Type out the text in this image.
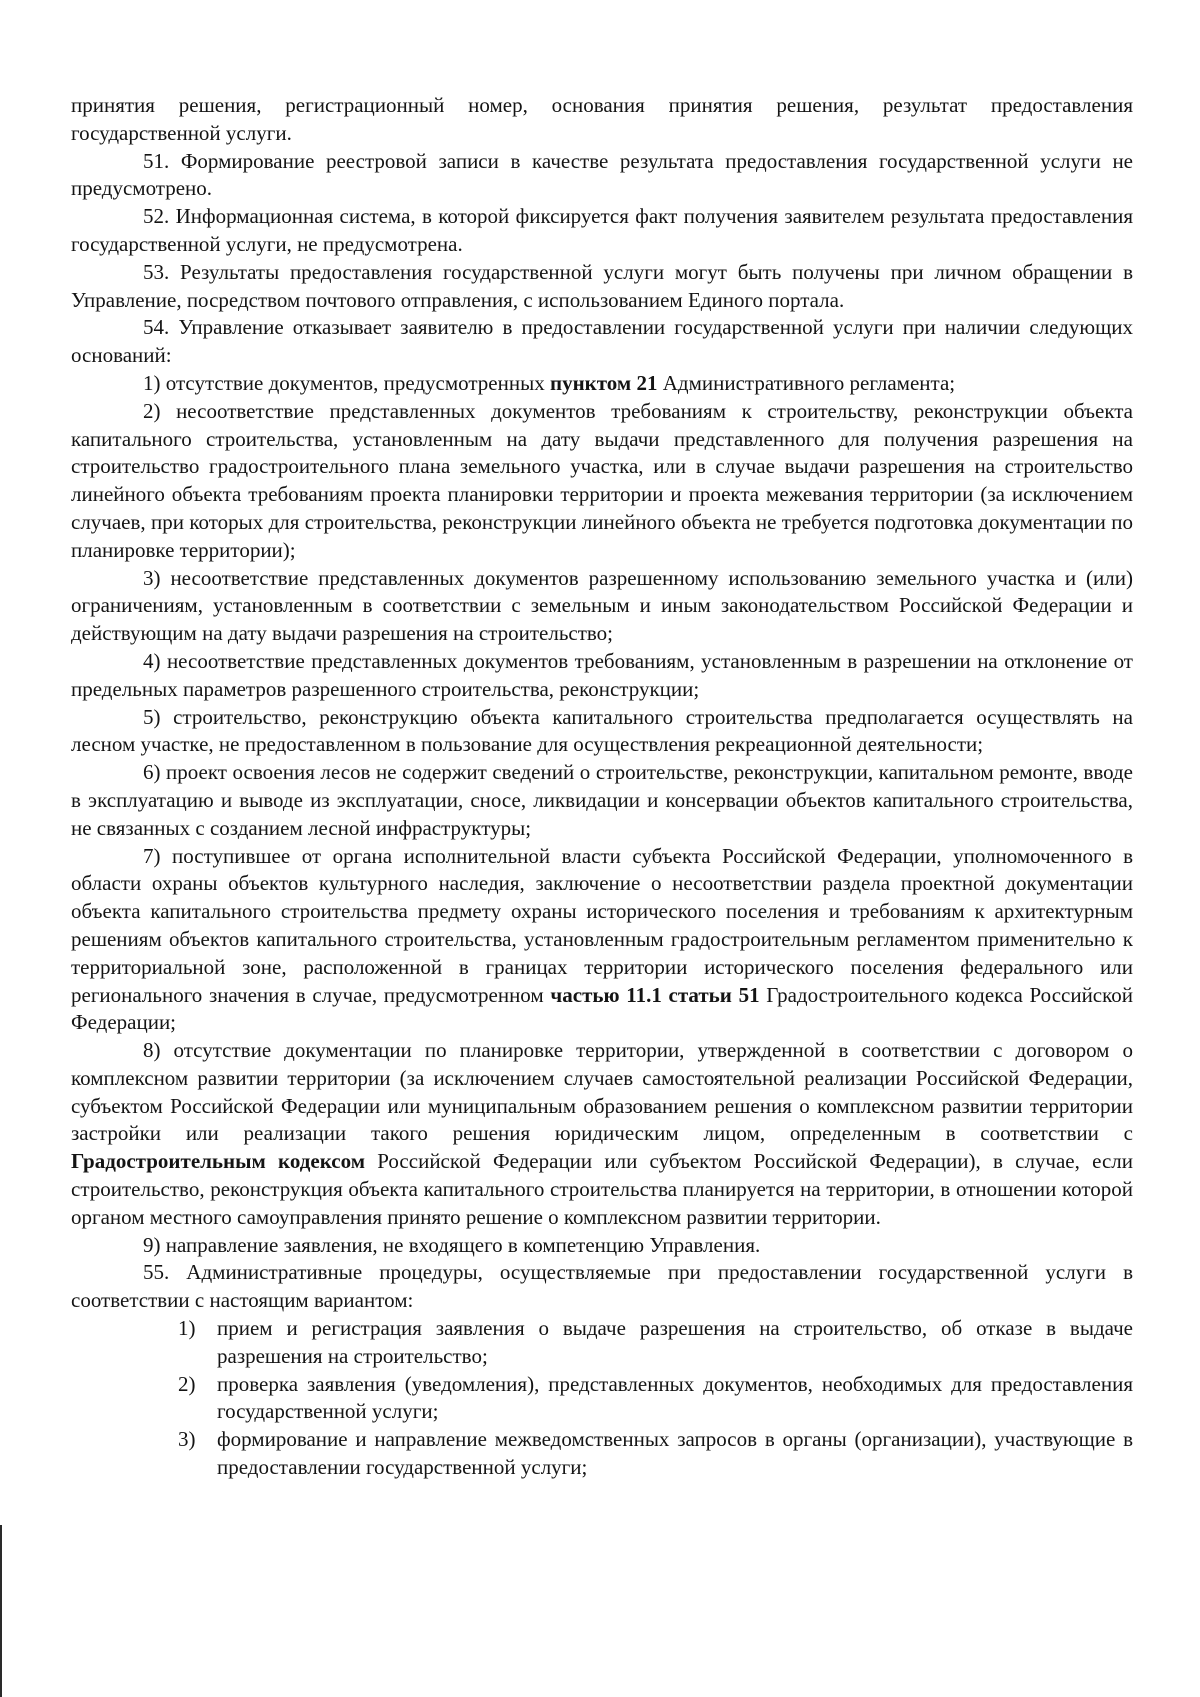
принятия решения, регистрационный номер, основания принятия решения, результат предоставления государственной услуги.

51. Формирование реестровой записи в качестве результата предоставления государственной услуги не предусмотрено.

52. Информационная система, в которой фиксируется факт получения заявителем результата предоставления государственной услуги, не предусмотрена.

53. Результаты предоставления государственной услуги могут быть получены при личном обращении в Управление, посредством почтового отправления, с использованием Единого портала.

54. Управление отказывает заявителю в предоставлении государственной услуги при наличии следующих оснований:

1) отсутствие документов, предусмотренных пунктом 21 Административного регламента;

2) несоответствие представленных документов требованиям к строительству, реконструкции объекта капитального строительства, установленным на дату выдачи представленного для получения разрешения на строительство градостроительного плана земельного участка, или в случае выдачи разрешения на строительство линейного объекта требованиям проекта планировки территории и проекта межевания территории (за исключением случаев, при которых для строительства, реконструкции линейного объекта не требуется подготовка документации по планировке территории);

3) несоответствие представленных документов разрешенному использованию земельного участка и (или) ограничениям, установленным в соответствии с земельным и иным законодательством Российской Федерации и действующим на дату выдачи разрешения на строительство;

4) несоответствие представленных документов требованиям, установленным в разрешении на отклонение от предельных параметров разрешенного строительства, реконструкции;

5) строительство, реконструкцию объекта капитального строительства предполагается осуществлять на лесном участке, не предоставленном в пользование для осуществления рекреационной деятельности;

6) проект освоения лесов не содержит сведений о строительстве, реконструкции, капитальном ремонте, вводе в эксплуатацию и выводе из эксплуатации, сносе, ликвидации и консервации объектов капитального строительства, не связанных с созданием лесной инфраструктуры;

7) поступившее от органа исполнительной власти субъекта Российской Федерации, уполномоченного в области охраны объектов культурного наследия, заключение о несоответствии раздела проектной документации объекта капитального строительства предмету охраны исторического поселения и требованиям к архитектурным решениям объектов капитального строительства, установленным градостроительным регламентом применительно к территориальной зоне, расположенной в границах территории исторического поселения федерального или регионального значения в случае, предусмотренном частью 11.1 статьи 51 Градостроительного кодекса Российской Федерации;

8) отсутствие документации по планировке территории, утвержденной в соответствии с договором о комплексном развитии территории (за исключением случаев самостоятельной реализации Российской Федерации, субъектом Российской Федерации или муниципальным образованием решения о комплексном развитии территории застройки или реализации такого решения юридическим лицом, определенным в соответствии с Градостроительным кодексом Российской Федерации или субъектом Российской Федерации), в случае, если строительство, реконструкция объекта капитального строительства планируется на территории, в отношении которой органом местного самоуправления принято решение о комплексном развитии территории.

9) направление заявления, не входящего в компетенцию Управления.

55. Административные процедуры, осуществляемые при предоставлении государственной услуги в соответствии с настоящим вариантом:

1) прием и регистрация заявления о выдаче разрешения на строительство, об отказе в выдаче разрешения на строительство;
2) проверка заявления (уведомления), представленных документов, необходимых для предоставления государственной услуги;
3) формирование и направление межведомственных запросов в органы (организации), участвующие в предоставлении государственной услуги;
